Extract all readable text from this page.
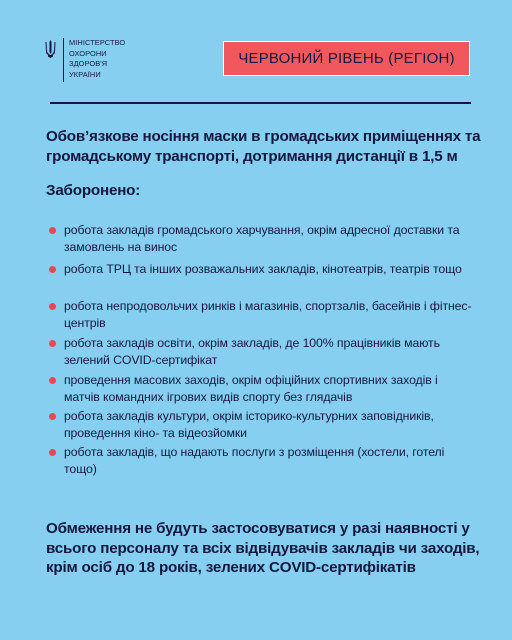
МІНІСТЕРСТВО
ОХОРОНИ
ЗДОРОВ'Я
УКРАЇНИ
ЧЕРВОНИЙ РІВЕНЬ (РЕГІОН)
Обов’язкове носіння маски в громадських приміщеннях та громадському транспорті, дотримання дистанції в 1,5 м
Заборонено:
робота закладів громадського харчування, окрім адресної доставки та замовлень на винос
робота ТРЦ та інших розважальних закладів, кінотеатрів, театрів тощо
робота непродовольчих ринків і магазинів, спортзалів, басейнів і фітнес-центрів
робота закладів освіти, окрім закладів, де 100% працівників мають зелений COVID-сертифікат
проведення масових заходів, окрім офіційних спортивних заходів і матчів командних ігрових видів спорту без глядачів
робота закладів культури, окрім історико-культурних заповідників, проведення кіно- та відеозйомки
робота закладів, що надають послуги з розміщення (хостели, готелі тощо)
Обмеження не будуть застосовуватися у разі наявності у всього персоналу та всіх відвідувачів закладів чи заходів, крім осіб до 18 років, зелених COVID-сертифікатів
